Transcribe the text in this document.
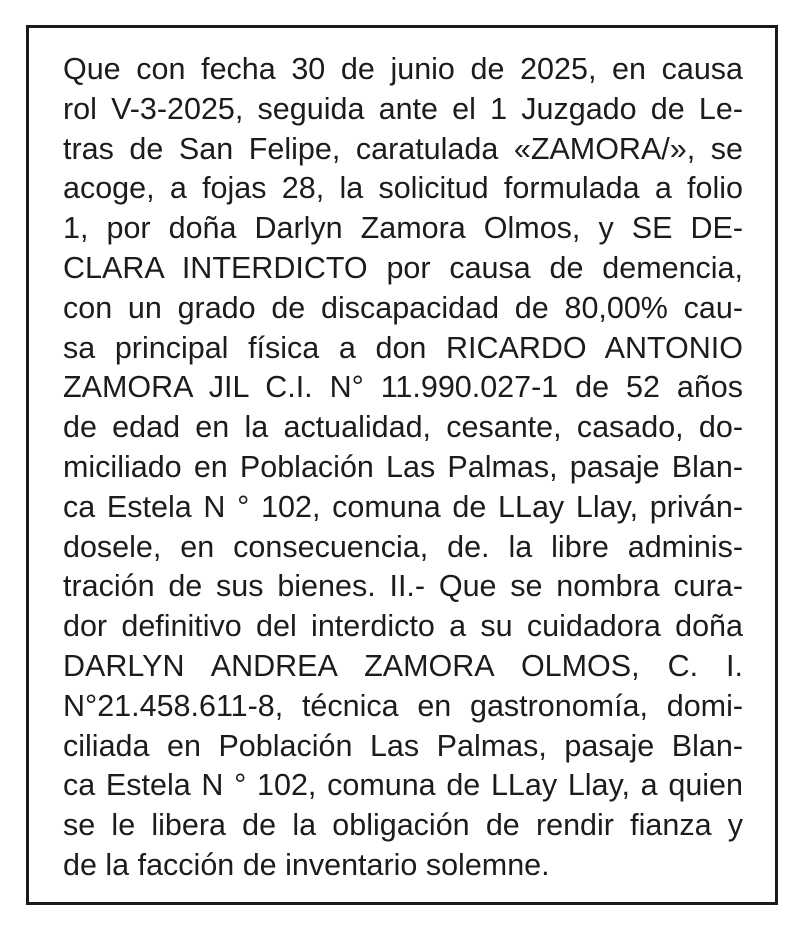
Que con fecha 30 de junio de 2025, en causa
rol V-3-2025, seguida ante el 1 Juzgado de Le-
tras de San Felipe, caratulada «ZAMORA/», se
acoge, a fojas 28, la solicitud formulada a folio
1, por doña Darlyn Zamora Olmos, y SE DE-
CLARA INTERDICTO por causa de demencia,
con un grado de discapacidad de 80,00% cau-
sa principal física a don RICARDO ANTONIO
ZAMORA JIL C.I. N° 11.990.027-1 de 52 años
de edad en la actualidad, cesante, casado, do-
miciliado en Población Las Palmas, pasaje Blan-
ca Estela N ° 102, comuna de LLay Llay, priván-
dosele, en consecuencia, de. la libre adminis-
tración de sus bienes. II.- Que se nombra cura-
dor definitivo del interdicto a su cuidadora doña
DARLYN ANDREA ZAMORA OLMOS, C. I.
N°21.458.611-8, técnica en gastronomía, domi-
ciliada en Población Las Palmas, pasaje Blan-
ca Estela N ° 102, comuna de LLay Llay, a quien
se le libera de la obligación de rendir fianza y
de la facción de inventario solemne.
